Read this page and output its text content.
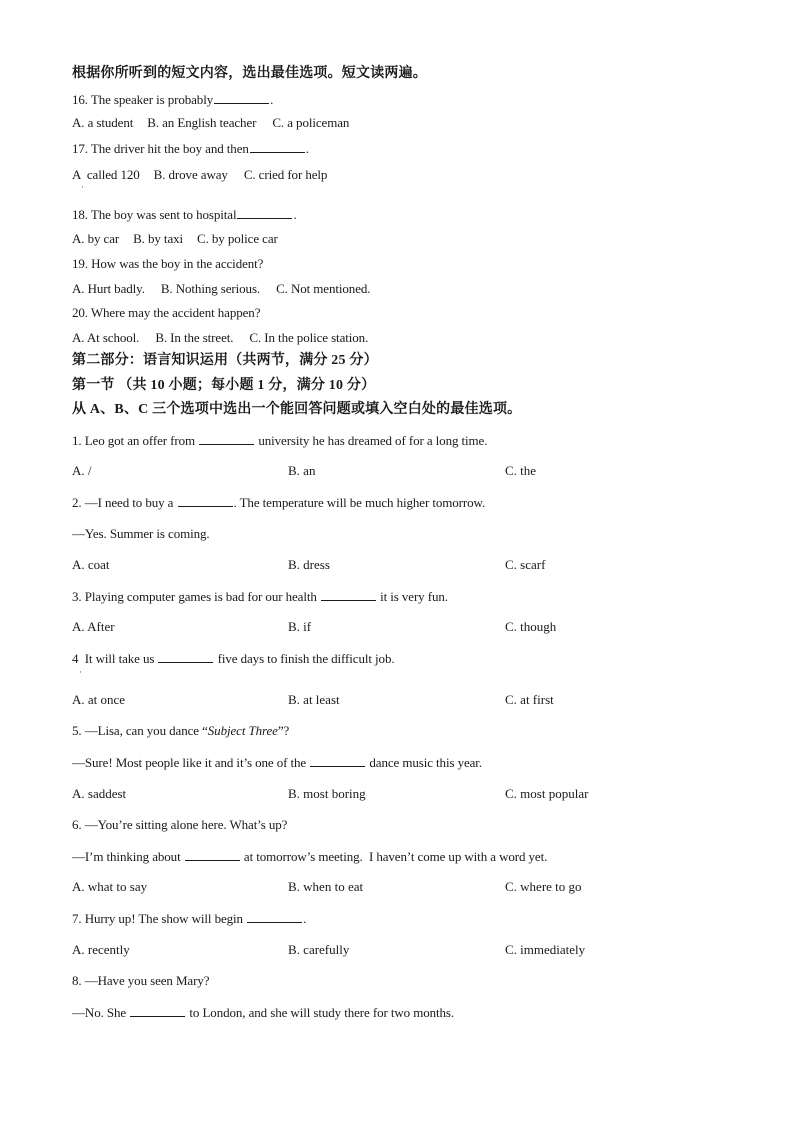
根据你所听到的短文内容，选出最佳选项。短文读两遍。
16. The speaker is probably	.
A. a student B. an English teacher C. a policeman
17. The driver hit the boy and then	.
A  called 120 B. drove away C. cried for help
·
18. The boy was sent to hospital	.
A. by car B. by taxi C. by police car
19. How was the boy in the accident?
A. Hurt badly. B. Nothing serious. C. Not mentioned.
20. Where may the accident happen?
A. At school. B. In the street. C. In the police station.
第二部分：语言知识运用（共两节，满分 25 分）
第一节 （共 10 小题；每小题 1 分，满分 10 分）
从 A、B、C 三个选项中选出一个能回答问题或填入空白处的最佳选项。
1. Leo got an offer from	university he has dreamed of for a long time.
A. /	B. an	C. the
2. —I need to buy a	. The temperature will be much higher tomorrow.
—Yes. Summer is coming.
A. coat	B. dress	C. scarf
3. Playing computer games is bad for our health	it is very fun.
A. After	B. if	C. though
4  It will take us	five days to finish the difficult job.
·
A. at once	B. at least	C. at first
5. —Lisa, can you dance “Subject Three”?
—Sure! Most people like it and it’s one of the	dance music this year.
A. saddest	B. most boring	C. most popular
6. —You’re sitting alone here. What’s up?
—I’m thinking about	at tomorrow’s meeting.  I haven’t come up with a word yet.
A. what to say	B. when to eat	C. where to go
7. Hurry up! The show will begin	.
A. recently	B. carefully	C. immediately
8. —Have you seen Mary?
—No. She	to London, and she will study there for two months.
